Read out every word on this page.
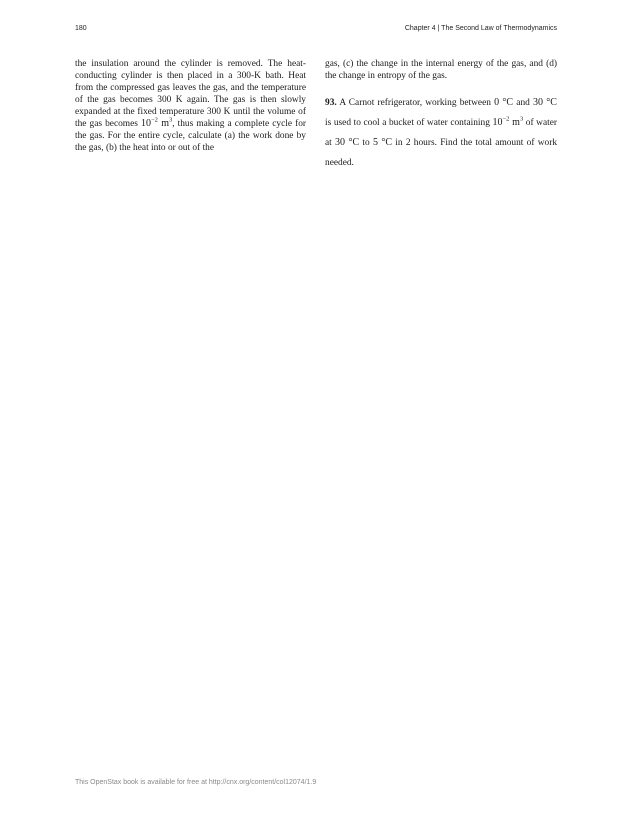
180	Chapter 4 | The Second Law of Thermodynamics

the insulation around the cylinder is removed. The heat-conducting cylinder is then placed in a 300-K bath. Heat from the compressed gas leaves the gas, and the temperature of the gas becomes 300 K again. The gas is then slowly expanded at the fixed temperature 300 K until the volume of the gas becomes $10^{-2}$ $m^3$, thus making a complete cycle for the gas. For the entire cycle, calculate (a) the work done by the gas, (b) the heat into or out of the

gas, (c) the change in the internal energy of the gas, and (d) the change in entropy of the gas.

93. A Carnot refrigerator, working between 0 °C and 30 °C is used to cool a bucket of water containing $10^{-2}$ $m^3$ of water at 30 °C to 5 °C in 2 hours. Find the total amount of work needed.

This OpenStax book is available for free at http://cnx.org/content/col12074/1.9
